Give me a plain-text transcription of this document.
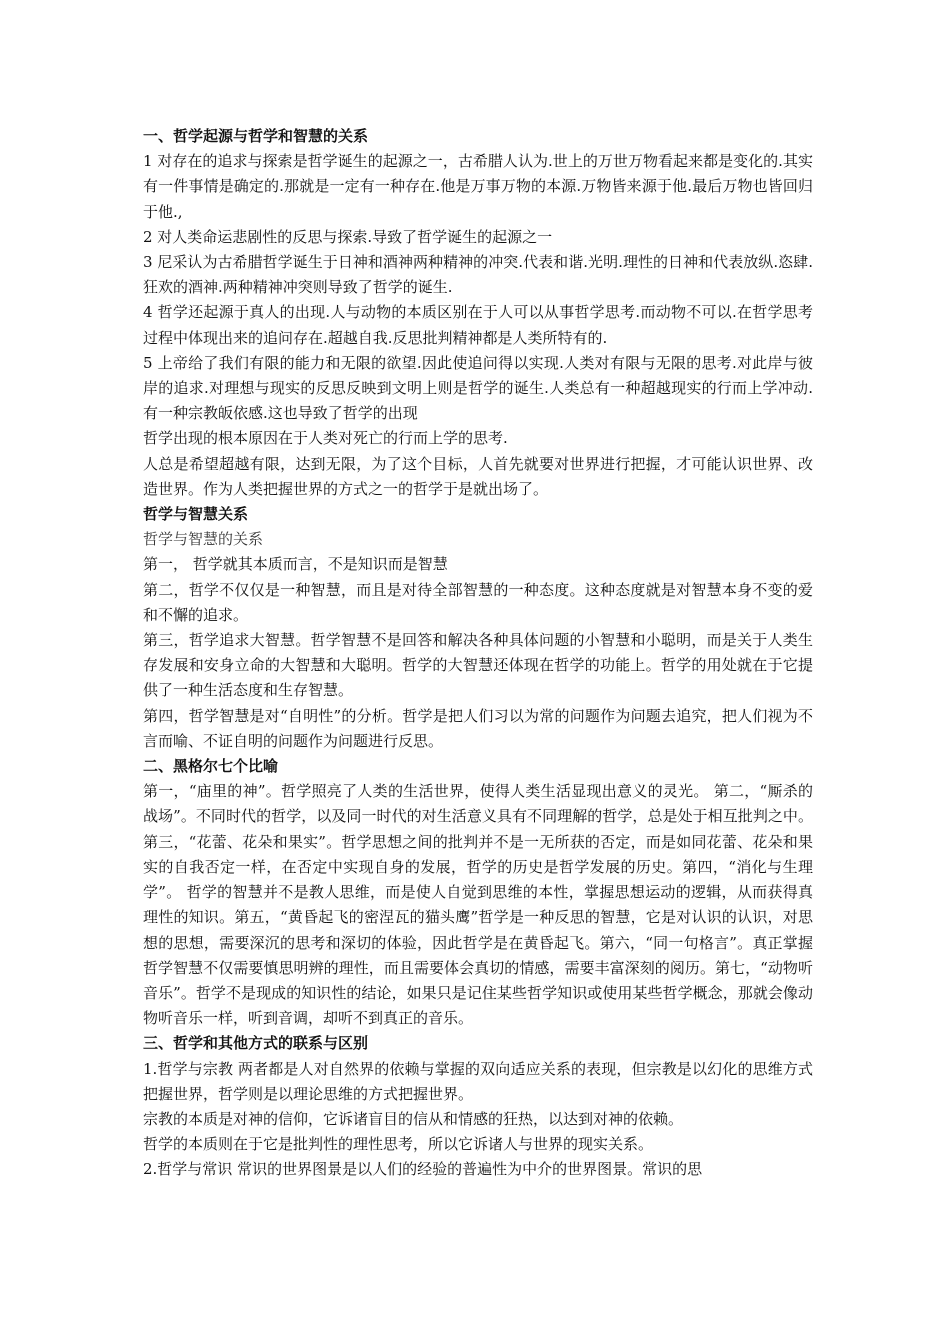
一、哲学起源与哲学和智慧的关系

1 对存在的追求与探索是哲学诞生的起源之一，古希腊人认为.世上的万世万物看起来都是变化的.其实有一件事情是确定的.那就是一定有一种存在.他是万事万物的本源.万物皆来源于他.最后万物也皆回归于他.,

2 对人类命运悲剧性的反思与探索.导致了哲学诞生的起源之一

3 尼采认为古希腊哲学诞生于日神和酒神两种精神的冲突.代表和谐.光明.理性的日神和代表放纵.恣肆.狂欢的酒神.两种精神冲突则导致了哲学的诞生.

4 哲学还起源于真人的出现.人与动物的本质区别在于人可以从事哲学思考.而动物不可以.在哲学思考过程中体现出来的追问存在.超越自我.反思批判精神都是人类所特有的.

5 上帝给了我们有限的能力和无限的欲望.因此使追问得以实现.人类对有限与无限的思考.对此岸与彼岸的追求.对理想与现实的反思反映到文明上则是哲学的诞生.人类总有一种超越现实的行而上学冲动.有一种宗教皈依感.这也导致了哲学的出现

哲学出现的根本原因在于人类对死亡的行而上学的思考.

人总是希望超越有限，达到无限，为了这个目标，人首先就要对世界进行把握，才可能认识世界、改造世界。作为人类把握世界的方式之一的哲学于是就出场了。

哲学与智慧关系

哲学与智慧的关系

第一， 哲学就其本质而言，不是知识而是智慧

第二，哲学不仅仅是一种智慧，而且是对待全部智慧的一种态度。这种态度就是对智慧本身不变的爱和不懈的追求。

第三，哲学追求大智慧。哲学智慧不是回答和解决各种具体问题的小智慧和小聪明，而是关于人类生存发展和安身立命的大智慧和大聪明。哲学的大智慧还体现在哲学的功能上。哲学的用处就在于它提供了一种生活态度和生存智慧。

第四，哲学智慧是对“自明性”的分析。哲学是把人们习以为常的问题作为问题去追究，把人们视为不言而喻、不证自明的问题作为问题进行反思。

二、黑格尔七个比喻

第一，“庙里的神”。哲学照亮了人类的生活世界，使得人类生活显现出意义的灵光。 第二，“厮杀的战场”。不同时代的哲学，以及同一时代的对生活意义具有不同理解的哲学，总是处于相互批判之中。第三，“花蕾、花朵和果实”。哲学思想之间的批判并不是一无所获的否定，而是如同花蕾、花朵和果实的自我否定一样，在否定中实现自身的发展，哲学的历史是哲学发展的历史。第四，“消化与生理学”。 哲学的智慧并不是教人思维，而是使人自觉到思维的本性，掌握思想运动的逻辑，从而获得真理性的知识。第五，“黄昏起飞的密涅瓦的猫头鹰”哲学是一种反思的智慧，它是对认识的认识，对思想的思想，需要深沉的思考和深切的体验，因此哲学是在黄昏起飞。第六，“同一句格言”。真正掌握哲学智慧不仅需要慎思明辨的理性，而且需要体会真切的情感，需要丰富深刻的阅历。第七，“动物听音乐”。哲学不是现成的知识性的结论，如果只是记住某些哲学知识或使用某些哲学概念，那就会像动物听音乐一样，听到音调，却听不到真正的音乐。

三、哲学和其他方式的联系与区别

1.哲学与宗教 两者都是人对自然界的依赖与掌握的双向适应关系的表现，但宗教是以幻化的思维方式把握世界，哲学则是以理论思维的方式把握世界。

宗教的本质是对神的信仰，它诉诸盲目的信从和情感的狂热，以达到对神的依赖。

哲学的本质则在于它是批判性的理性思考，所以它诉诸人与世界的现实关系。

2.哲学与常识 常识的世界图景是以人们的经验的普遍性为中介的世界图景。常识的思
